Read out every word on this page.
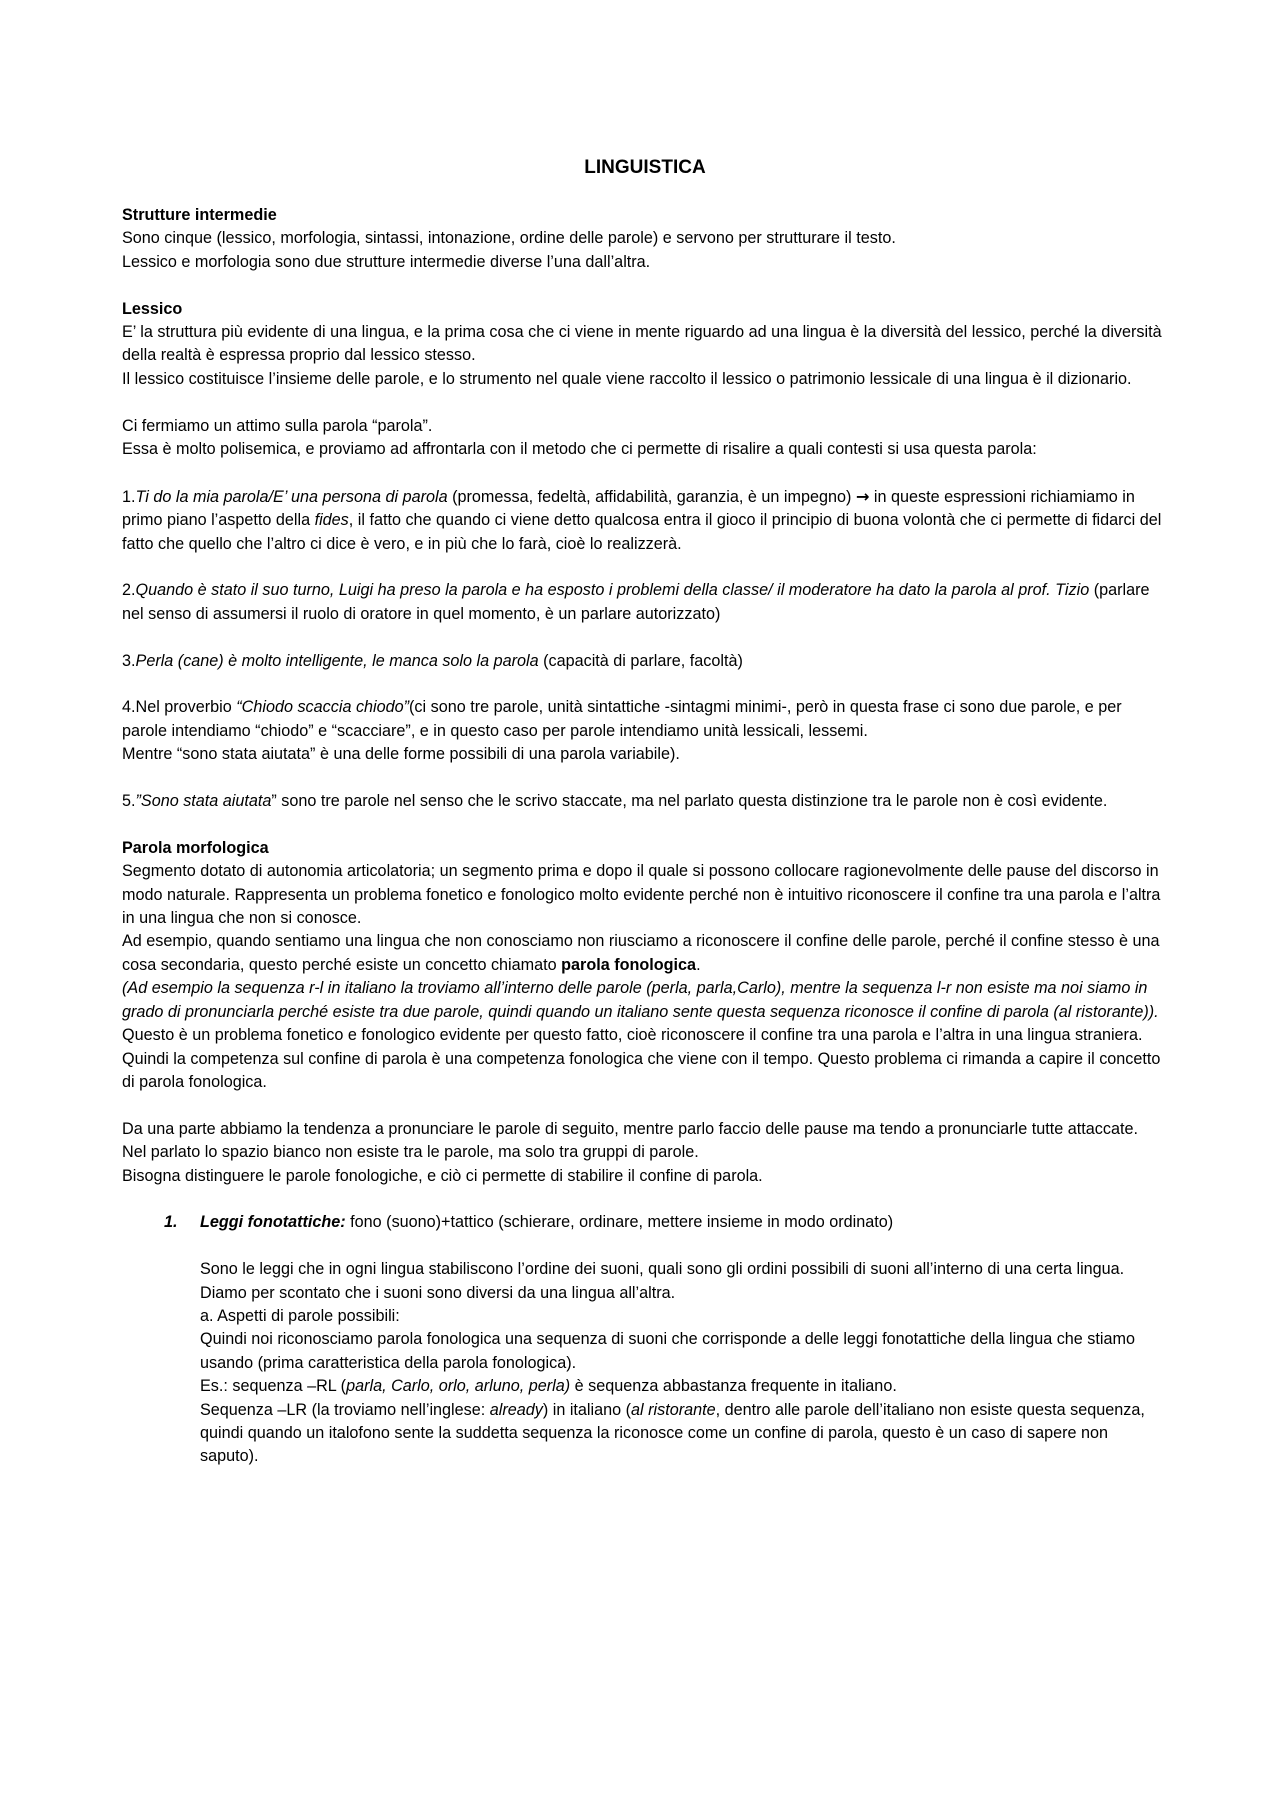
LINGUISTICA

Strutture intermedie

Sono cinque (lessico, morfologia, sintassi, intonazione, ordine delle parole) e servono per strutturare il testo.

Lessico e morfologia sono due strutture intermedie diverse l’una dall’altra.

Lessico

E’ la struttura più evidente di una lingua, e la prima cosa che ci viene in mente riguardo ad una lingua è la diversità del lessico, perché la diversità della realtà è espressa proprio dal lessico stesso.

Il lessico costituisce l’insieme delle parole, e lo strumento nel quale viene raccolto il lessico o patrimonio lessicale di una lingua è il dizionario.

Ci fermiamo un attimo sulla parola “parola”.

Essa è molto polisemica, e proviamo ad affrontarla con il metodo che ci permette di risalire a quali contesti si usa questa parola:

1.Ti do la mia parola/E’ una persona di parola (promessa, fedeltà, affidabilità, garanzia, è un impegno) → in queste espressioni richiamiamo in primo piano l’aspetto della fides, il fatto che quando ci viene detto qualcosa entra il gioco il principio di buona volontà che ci permette di fidarci del fatto che quello che l’altro ci dice è vero, e in più che lo farà, cioè lo realizzerà.

2.Quando è stato il suo turno, Luigi ha preso la parola e ha esposto i problemi della classe/ il moderatore ha dato la parola al prof. Tizio (parlare nel senso di assumersi il ruolo di oratore in quel momento, è un parlare autorizzato)

3.Perla (cane) è molto intelligente, le manca solo la parola (capacità di parlare, facoltà)

4.Nel proverbio “Chiodo scaccia chiodo”(ci sono tre parole, unità sintattiche -sintagmi minimi-, però in questa frase ci sono due parole, e per parole intendiamo “chiodo” e “scacciare”, e in questo caso per parole intendiamo unità lessicali, lessemi.

Mentre “sono stata aiutata” è una delle forme possibili di una parola variabile).

5.”Sono stata aiutata” sono tre parole nel senso che le scrivo staccate, ma nel parlato questa distinzione tra le parole non è così evidente.

Parola morfologica

Segmento dotato di autonomia articolatoria; un segmento prima e dopo il quale si possono collocare ragionevolmente delle pause del discorso in modo naturale. Rappresenta un problema fonetico e fonologico molto evidente perché non è intuitivo riconoscere il confine tra una parola e l’altra in una lingua che non si conosce.

Ad esempio, quando sentiamo una lingua che non conosciamo non riusciamo a riconoscere il confine delle parole, perché il confine stesso è una cosa secondaria, questo perché esiste un concetto chiamato parola fonologica.

(Ad esempio la sequenza r-l in italiano la troviamo all’interno delle parole (perla, parla,Carlo), mentre la sequenza l-r non esiste ma noi siamo in grado di pronunciarla perché esiste tra due parole, quindi quando un italiano sente questa sequenza riconosce il confine di parola (al ristorante)).

Questo è un problema fonetico e fonologico evidente per questo fatto, cioè riconoscere il confine tra una parola e l’altra in una lingua straniera.

Quindi la competenza sul confine di parola è una competenza fonologica che viene con il tempo. Questo problema ci rimanda a capire il concetto di parola fonologica.

Da una parte abbiamo la tendenza a pronunciare le parole di seguito, mentre parlo faccio delle pause ma tendo a pronunciarle tutte attaccate.

Nel parlato lo spazio bianco non esiste tra le parole, ma solo tra gruppi di parole.

Bisogna distinguere le parole fonologiche, e ciò ci permette di stabilire il confine di parola.

1. Leggi fonotattiche: fono (suono)+tattico (schierare, ordinare, mettere insieme in modo ordinato)

Sono le leggi che in ogni lingua stabiliscono l’ordine dei suoni, quali sono gli ordini possibili di suoni all’interno di una certa lingua.

Diamo per scontato che i suoni sono diversi da una lingua all’altra.

a. Aspetti di parole possibili:

Quindi noi riconosciamo parola fonologica una sequenza di suoni che corrisponde a delle leggi fonotattiche della lingua che stiamo usando (prima caratteristica della parola fonologica).

Es.: sequenza –RL (parla, Carlo, orlo, arluno, perla) è sequenza abbastanza frequente in italiano.

Sequenza –LR (la troviamo nell’inglese: already) in italiano (al ristorante, dentro alle parole dell’italiano non esiste questa sequenza, quindi quando un italofono sente la suddetta sequenza la riconosce come un confine di parola, questo è un caso di sapere non saputo).
